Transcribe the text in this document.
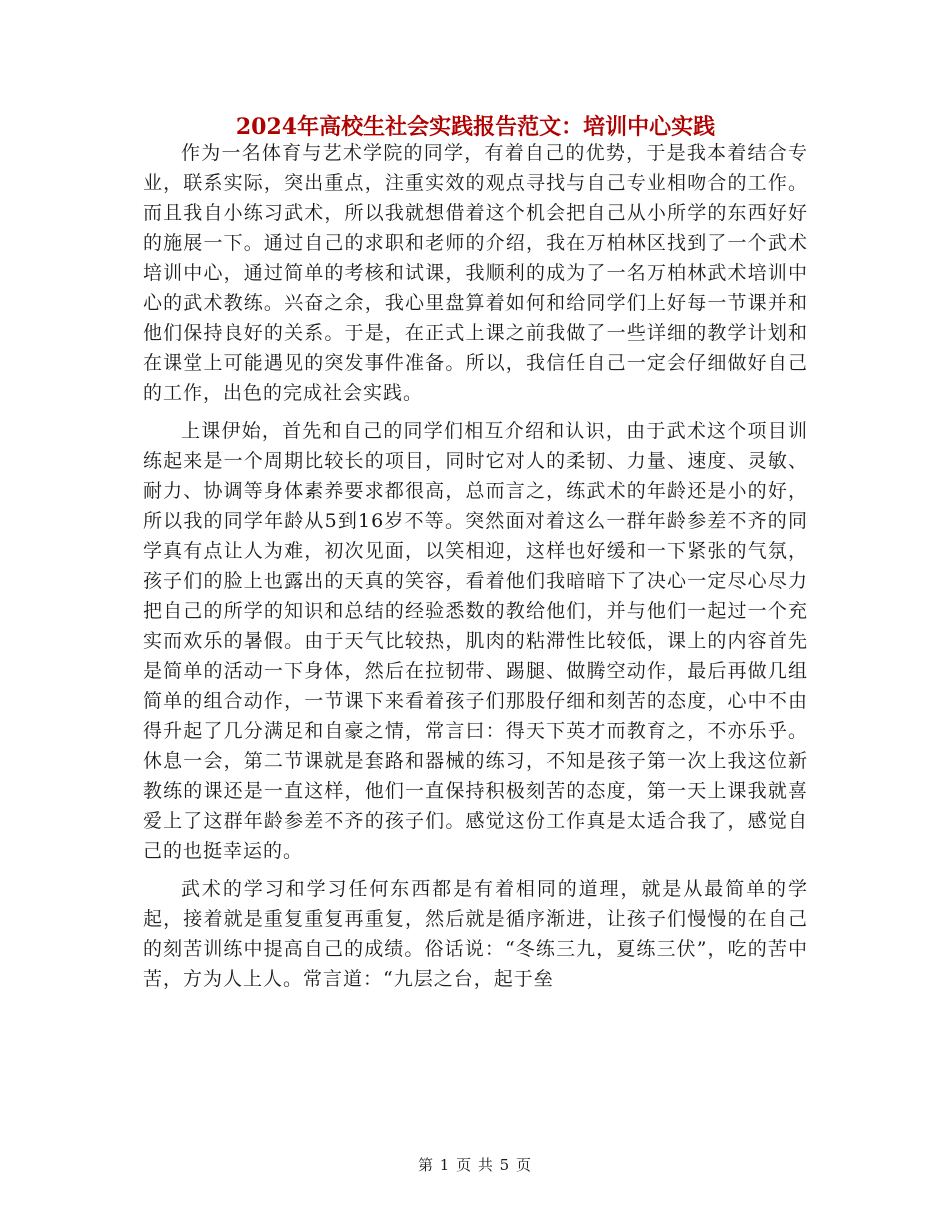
2024年高校生社会实践报告范文：培训中心实践

作为一名体育与艺术学院的同学，有着自己的优势，于是我本着结合专业，联系实际，突出重点，注重实效的观点寻找与自己专业相吻合的工作。而且我自小练习武术，所以我就想借着这个机会把自己从小所学的东西好好的施展一下。通过自己的求职和老师的介绍，我在万柏林区找到了一个武术培训中心，通过简单的考核和试课，我顺利的成为了一名万柏林武术培训中心的武术教练。兴奋之余，我心里盘算着如何和给同学们上好每一节课并和他们保持良好的关系。于是，在正式上课之前我做了一些详细的教学计划和在课堂上可能遇见的突发事件准备。所以，我信任自己一定会仔细做好自己的工作，出色的完成社会实践。

上课伊始，首先和自己的同学们相互介绍和认识，由于武术这个项目训练起来是一个周期比较长的项目，同时它对人的柔韧、力量、速度、灵敏、耐力、协调等身体素养要求都很高，总而言之，练武术的年龄还是小的好，所以我的同学年龄从5到16岁不等。突然面对着这么一群年龄参差不齐的同学真有点让人为难，初次见面，以笑相迎，这样也好缓和一下紧张的气氛，孩子们的脸上也露出的天真的笑容，看着他们我暗暗下了决心一定尽心尽力把自己的所学的知识和总结的经验悉数的教给他们，并与他们一起过一个充实而欢乐的暑假。由于天气比较热，肌肉的粘滞性比较低，课上的内容首先是简单的活动一下身体，然后在拉韧带、踢腿、做腾空动作，最后再做几组简单的组合动作，一节课下来看着孩子们那股仔细和刻苦的态度，心中不由得升起了几分满足和自豪之情，常言曰：得天下英才而教育之，不亦乐乎。休息一会，第二节课就是套路和器械的练习，不知是孩子第一次上我这位新教练的课还是一直这样，他们一直保持积极刻苦的态度，第一天上课我就喜爱上了这群年龄参差不齐的孩子们。感觉这份工作真是太适合我了，感觉自己的也挺幸运的。

武术的学习和学习任何东西都是有着相同的道理，就是从最简单的学起，接着就是重复重复再重复，然后就是循序渐进，让孩子们慢慢的在自己的刻苦训练中提高自己的成绩。俗话说：“冬练三九，夏练三伏”，吃的苦中苦，方为人上人。常言道：“九层之台，起于垒

第 1 页 共 5 页
